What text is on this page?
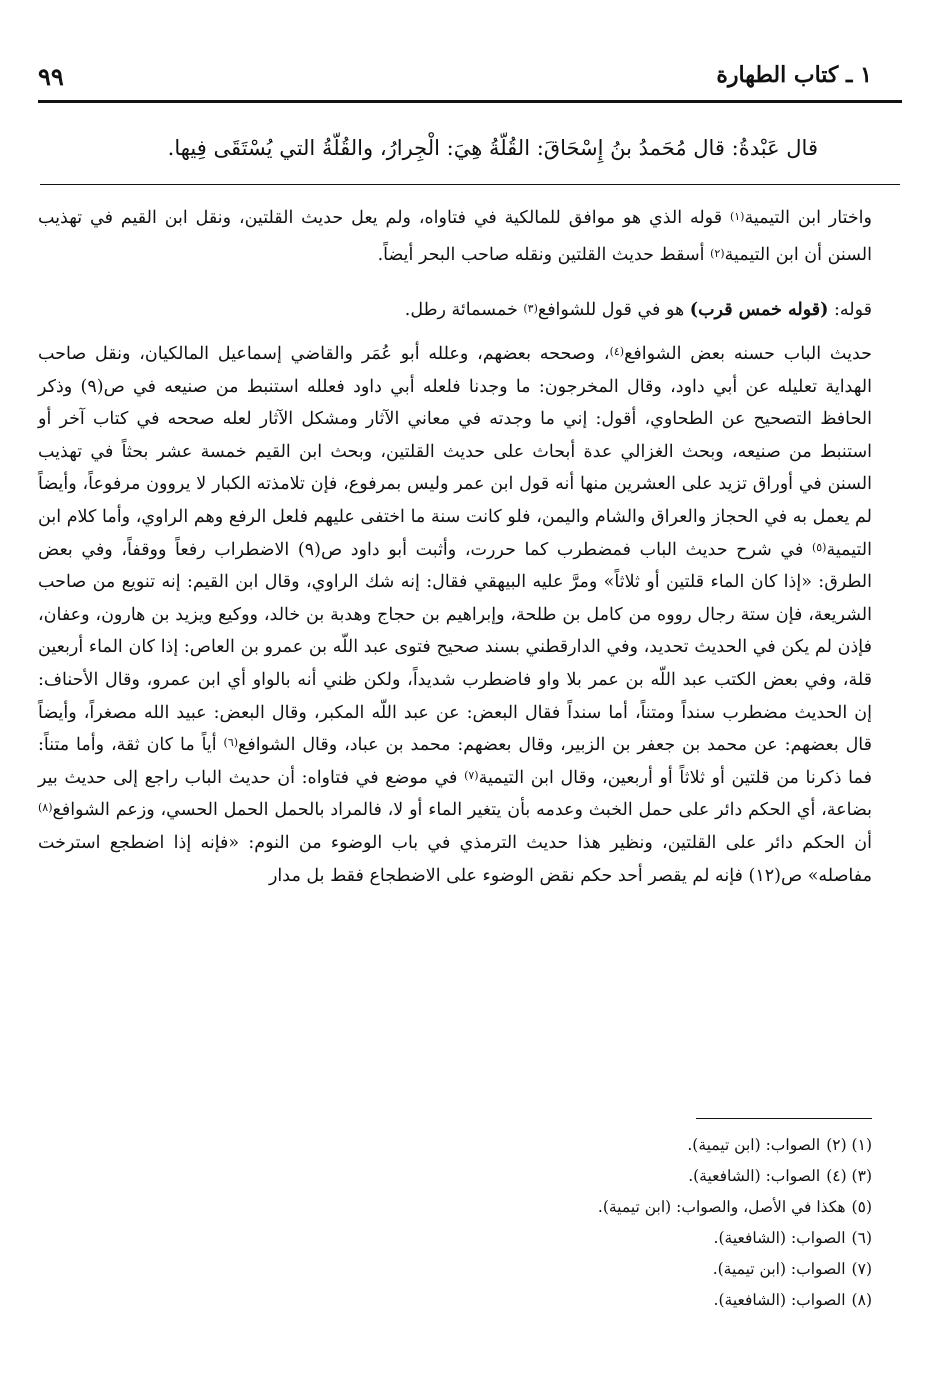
١ ـ كتاب الطهارة
٩٩
قال عَبْدةُ: قال مُحَمدُ بنُ إِسْحَاقَ: القُلّةُ هِيَ: الْجِرارُ، والقُلّةُ التي يُسْتَقَى فِيها.
واختار ابن التيمية$^{(١)}$ قوله الذي هو موافق للمالكية في فتاواه، ولم يعل حديث القلتين، ونقل ابن القيم في تهذيب السنن أن ابن التيمية$^{(٢)}$ أسقط حديث القلتين ونقله صاحب البحر أيضاً.
قوله: (قوله خمس قرب) هو في قول للشوافع$^{(٣)}$ خمسمائة رطل.
حديث الباب حسنه بعض الشوافع$^{(٤)}$، وصححه بعضهم، وعلله أبو عُمَر والقاضي إسماعيل المالكيان، ونقل صاحب الهداية تعليله عن أبي داود، وقال المخرجون: ما وجدنا فلعله أبي داود فعلله استنبط من صنيعه في ص(٩) وذكر الحافظ التصحيح عن الطحاوي، أقول: إني ما وجدته في معاني الآثار ومشكل الآثار لعله صححه في كتاب آخر أو استنبط من صنيعه، وبحث الغزالي عدة أبحاث على حديث القلتين، وبحث ابن القيم خمسة عشر بحثاً في تهذيب السنن في أوراق تزيد على العشرين منها أنه قول ابن عمر وليس بمرفوع، فإن تلامذته الكبار لا يروون مرفوعاً، وأيضاً لم يعمل به في الحجاز والعراق والشام واليمن، فلو كانت سنة ما اختفى عليهم فلعل الرفع وهم الراوي، وأما كلام ابن التيمية$^{(٥)}$ في شرح حديث الباب فمضطرب كما حررت، وأثبت أبو داود ص(٩) الاضطراب رفعاً ووقفاً، وفي بعض الطرق: «إذا كان الماء قلتين أو ثلاثاً» ومرَّ عليه البيهقي فقال: إنه شك الراوي، وقال ابن القيم: إنه تنويع من صاحب الشريعة، فإن ستة رجال رووه من كامل بن طلحة، وإبراهيم بن حجاج وهدبة بن خالد، ووكيع ويزيد بن هارون، وعفان، فإذن لم يكن في الحديث تحديد، وفي الدارقطني بسند صحيح فتوى عبد اللّه بن عمرو بن العاص: إذا كان الماء أربعين قلة، وفي بعض الكتب عبد اللّه بن عمر بلا واو فاضطرب شديداً، ولكن ظني أنه بالواو أي ابن عمرو، وقال الأحناف: إن الحديث مضطرب سنداً ومتناً، أما سنداً فقال البعض: عن عبد اللّه المكبر، وقال البعض: عبيد الله مصغراً، وأيضاً قال بعضهم: عن محمد بن جعفر بن الزبير، وقال بعضهم: محمد بن عباد، وقال الشوافع$^{(٦)}$ أياً ما كان ثقة، وأما متناً: فما ذكرنا من قلتين أو ثلاثاً أو أربعين، وقال ابن التيمية$^{(٧)}$ في موضع في فتاواه: أن حديث الباب راجع إلى حديث بير بضاعة، أي الحكم دائر على حمل الخبث وعدمه بأن يتغير الماء أو لا، فالمراد بالحمل الحمل الحسي، وزعم الشوافع$^{(٨)}$ أن الحكم دائر على القلتين، ونظير هذا حديث الترمذي في باب الوضوء من النوم: «فإنه إذا اضطجع استرخت مفاصله» ص(١٢) فإنه لم يقصر أحد حكم نقض الوضوء على الاضطجاع فقط بل مدار
(١) (٢)الصواب: (ابن تيمية).
(٣) (٤)الصواب: (الشافعية).
(٥)هكذا في الأصل، والصواب: (ابن تيمية).
(٦)الصواب: (الشافعية).
(٧)الصواب: (ابن تيمية).
(٨)الصواب: (الشافعية).
